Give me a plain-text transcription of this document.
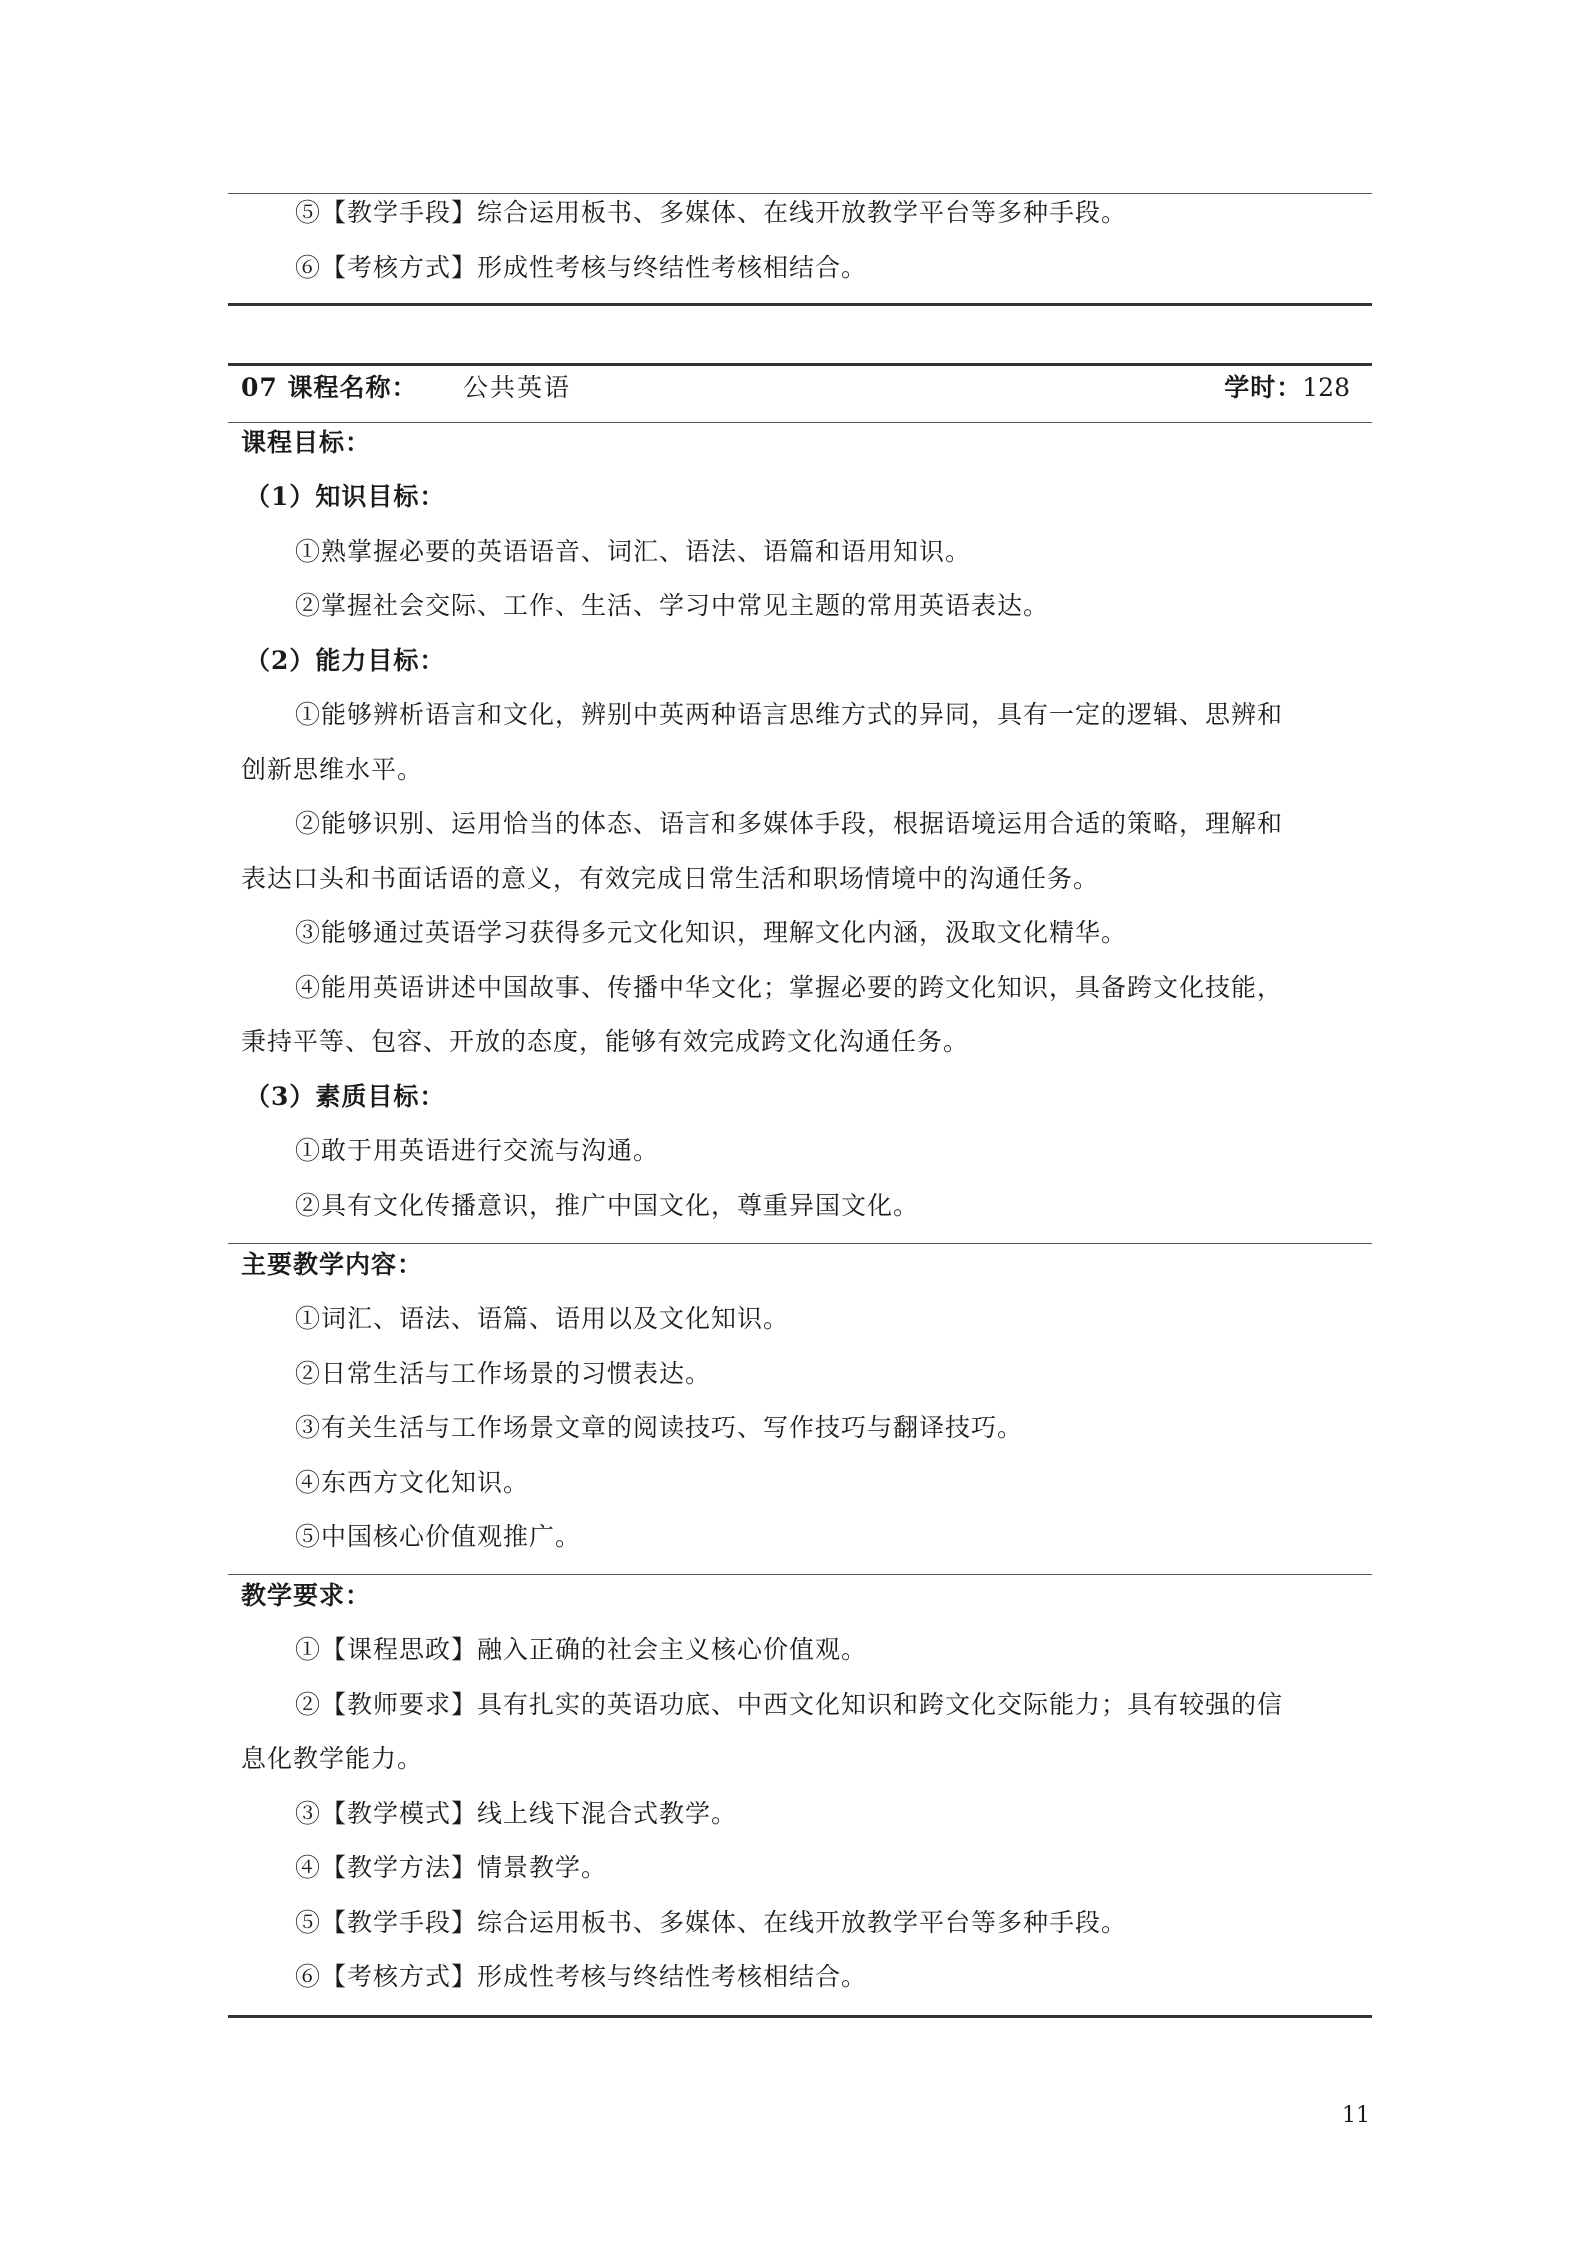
⑤【教学手段】综合运用板书、多媒体、在线开放教学平台等多种手段。
⑥【考核方式】形成性考核与终结性考核相结合。
07 课程名称： 公共英语	学时：128
课程目标：
（1）知识目标：
①熟掌握必要的英语语音、词汇、语法、语篇和语用知识。
②掌握社会交际、工作、生活、学习中常见主题的常用英语表达。
（2）能力目标：
①能够辨析语言和文化，辨别中英两种语言思维方式的异同，具有一定的逻辑、思辨和
创新思维水平。
②能够识别、运用恰当的体态、语言和多媒体手段，根据语境运用合适的策略，理解和
表达口头和书面话语的意义，有效完成日常生活和职场情境中的沟通任务。
③能够通过英语学习获得多元文化知识，理解文化内涵，汲取文化精华。
④能用英语讲述中国故事、传播中华文化；掌握必要的跨文化知识，具备跨文化技能，
秉持平等、包容、开放的态度，能够有效完成跨文化沟通任务。
（3）素质目标：
①敢于用英语进行交流与沟通。
②具有文化传播意识，推广中国文化，尊重异国文化。
主要教学内容：
①词汇、语法、语篇、语用以及文化知识。
②日常生活与工作场景的习惯表达。
③有关生活与工作场景文章的阅读技巧、写作技巧与翻译技巧。
④东西方文化知识。
⑤中国核心价值观推广。
教学要求：
①【课程思政】融入正确的社会主义核心价值观。
②【教师要求】具有扎实的英语功底、中西文化知识和跨文化交际能力；具有较强的信
息化教学能力。
③【教学模式】线上线下混合式教学。
④【教学方法】情景教学。
⑤【教学手段】综合运用板书、多媒体、在线开放教学平台等多种手段。
⑥【考核方式】形成性考核与终结性考核相结合。
11
